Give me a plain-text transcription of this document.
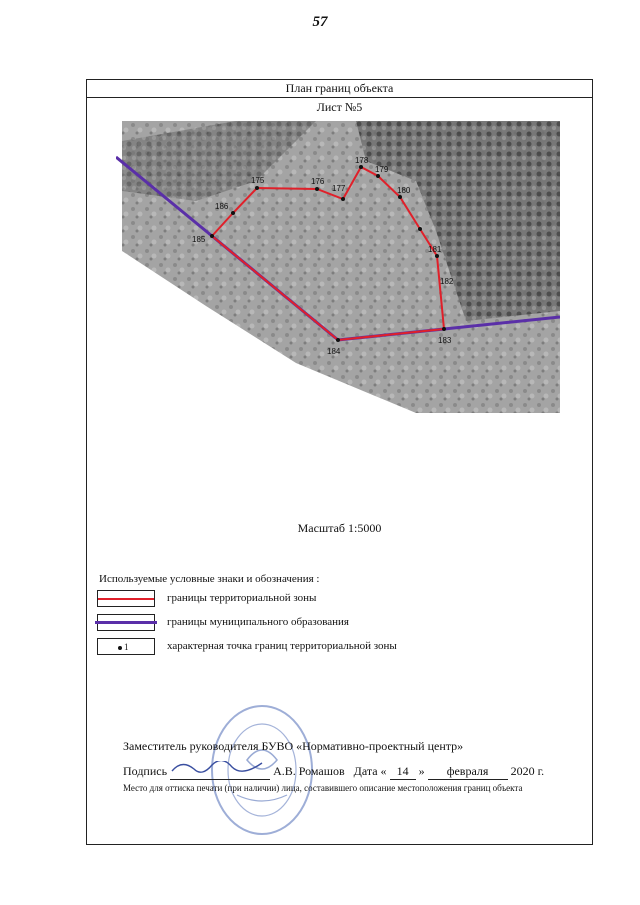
57
План границ объекта
Лист №5
175	176
177
178
179
180
181
182
183
184
185
186
Масштаб 1:5000
Используемые условные знаки и обозначения :
границы территориальной зоны
границы муниципального образования
1	характерная точка границ территориальной зоны
Заместитель руководителя БУВО «Нормативно-проектный центр»
Подпись	А.В. Ромашов Дата « 14 » февраля 2020 г.
Место для оттиска печати (при наличии) лица, составившего описание местоположения границ объекта
